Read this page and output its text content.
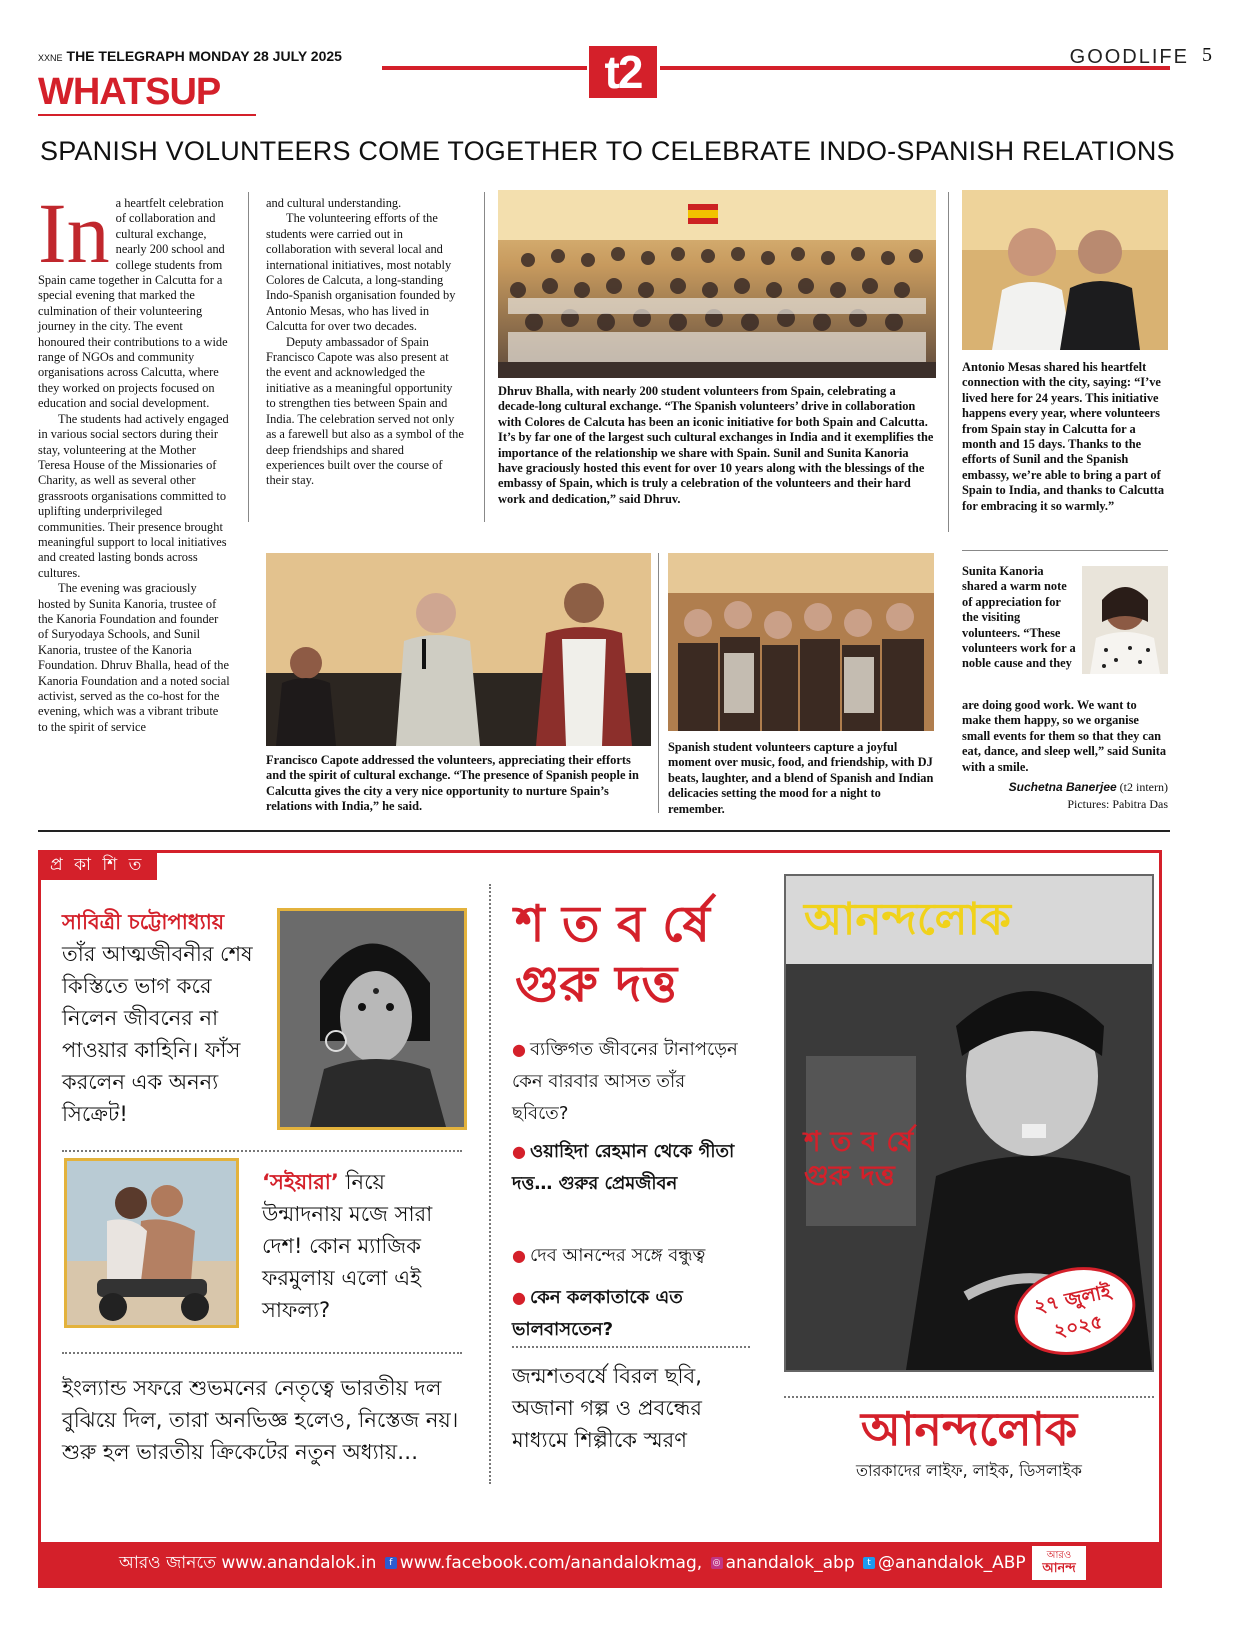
XXNE THE TELEGRAPH MONDAY 28 JULY 2025	t2	GOODLIFE 5
WHATSUP
SPANISH VOLUNTEERS COME TOGETHER TO CELEBRATE INDO-SPANISH RELATIONS
In a heartfelt celebration of collaboration and cultural exchange, nearly 200 school and college students from Spain came together in Calcutta for a special evening that marked the culmination of their volunteering journey in the city. The event honoured their contributions to a wide range of NGOs and community organisations across Calcutta, where they worked on projects focused on education and social development.

The students had actively engaged in various social sectors during their stay, volunteering at the Mother Teresa House of the Missionaries of Charity, as well as several other grassroots organisations committed to uplifting underprivileged communities. Their presence brought meaningful support to local initiatives and created lasting bonds across cultures.

The evening was graciously hosted by Sunita Kanoria, trustee of the Kanoria Foundation and founder of Suryodaya Schools, and Sunil Kanoria, trustee of the Kanoria Foundation. Dhruv Bhalla, head of the Kanoria Foundation and a noted social activist, served as the co-host for the evening, which was a vibrant tribute to the spirit of service

and cultural understanding.

The volunteering efforts of the students were carried out in collaboration with several local and international initiatives, most notably Colores de Calcuta, a long-standing Indo-Spanish organisation founded by Antonio Mesas, who has lived in Calcutta for over two decades.

Deputy ambassador of Spain Francisco Capote was also present at the event and acknowledged the initiative as a meaningful opportunity to strengthen ties between Spain and India. The celebration served not only as a farewell but also as a symbol of the deep friendships and shared experiences built over the course of their stay.

Dhruv Bhalla, with nearly 200 student volunteers from Spain, celebrating a decade-long cultural exchange. “The Spanish volunteers’ drive in collaboration with Colores de Calcuta has been an iconic initiative for both Spain and Calcutta. It’s by far one of the largest such cultural exchanges in India and it exemplifies the importance of the relationship we share with Spain. Sunil and Sunita Kanoria have graciously hosted this event for over 10 years along with the blessings of the embassy of Spain, which is truly a celebration of the volunteers and their hard work and dedication,” said Dhruv.
Antonio Mesas shared his heartfelt connection with the city, saying: “I’ve lived here for 24 years. This initiative happens every year, where volunteers from Spain stay in Calcutta for a month and 15 days. Thanks to the efforts of Sunil and the Spanish embassy, we’re able to bring a part of Spain to India, and thanks to Calcutta for embracing it so warmly.”
Francisco Capote addressed the volunteers, appreciating their efforts and the spirit of cultural exchange. “The presence of Spanish people in Calcutta gives the city a very nice opportunity to nurture Spain’s relations with India,” he said.
Spanish student volunteers capture a joyful moment over music, food, and friendship, with DJ beats, laughter, and a blend of Spanish and Indian delicacies setting the mood for a night to remember.
Sunita Kanoria shared a warm note of appreciation for the visiting volunteers. “These volunteers work for a noble cause and they
are doing good work. We want to make them happy, so we organise small events for them so that they can eat, dance, and sleep well,” said Sunita with a smile.
Suchetna Banerjee (t2 intern)
Pictures: Pabitra Das
প্র কা শি ত
সাবিত্রী চট্টোপাধ্যায়
তাঁর আত্মজীবনীর শেষ কিস্তিতে ভাগ করে নিলেন জীবনের না পাওয়ার কাহিনি। ফাঁস করলেন এক অনন্য সিক্রেট!
‘সইয়ারা’ নিয়ে উন্মাদনায় মজে সারা দেশ! কোন ম্যাজিক ফরমুলায় এলো এই সাফল্য?
ইংল্যান্ড সফরে শুভমনের নেতৃত্বে ভারতীয় দল বুঝিয়ে দিল, তারা অনভিজ্ঞ হলেও, নিস্তেজ নয়। শুরু হল ভারতীয় ক্রিকেটের নতুন অধ্যায়…
শ ত ব র্ষে
গুরু দত্ত
● ব্যক্তিগত জীবনের টানাপড়েন কেন বারবার আসত তাঁর ছবিতে?
● ওয়াহিদা রেহমান থেকে গীতা দত্ত… গুরুর প্রেমজীবন
● দেব আনন্দের সঙ্গে বন্ধুত্ব
● কেন কলকাতাকে এত ভালবাসতেন?
জন্মশতবর্ষে বিরল ছবি, অজানা গল্প ও প্রবন্ধের মাধ্যমে শিল্পীকে স্মরণ
আনন্দলোক
শ ত ব র্ষে
গুরু দত্ত
২৭ জুলাই ২০২৫
আনন্দলোক
তারকাদের লাইফ, লাইক, ডিসলাইক
আরও জানতে www.anandalok.in f www.facebook.com/anandalokmag, ◎ anandalok_abp t @anandalok_ABP	আরও
আনন্দ
